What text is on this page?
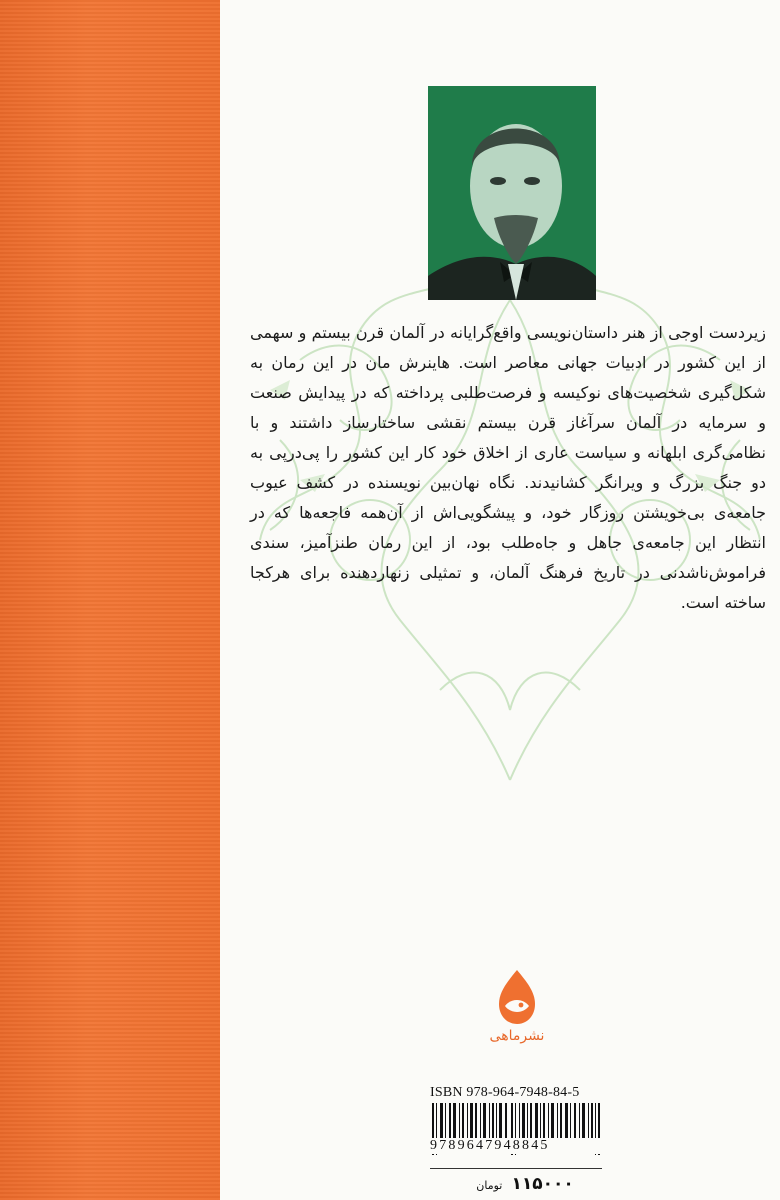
زیردست اوجی از هنر داستان‌نویسی واقع‌گرایانه در آلمان قرن بیستم و سهمی از این کشور در ادبیات جهانی معاصر است. هاینرش مان در این رمان به شکل‌گیری شخصیت‌های نوکیسه و فرصت‌طلبی پرداخته که در پیدایش صنعت و سرمایه در آلمان سرآغاز قرن بیستم نقشی ساختارساز داشتند و با نظامی‌گری ابلهانه و سیاست عاری از اخلاق خود کار این کشور را پی‌درپی به دو جنگ بزرگ و ویرانگر کشانیدند. نگاه نهان‌بین نویسنده در کشف عیوب جامعه‌ی بی‌خویشتن روزگار خود، و پیشگویی‌اش از آن‌همه فاجعه‌ها که در انتظار این جامعه‌ی جاهل و جاه‌طلب بود، از این رمان طنزآمیز، سندی فراموش‌ناشدنی در تاریخ فرهنگ آلمان، و تمثیلی زنهاردهنده برای هرکجا ساخته است.

نشرماهی
ISBN 978-964-7948-84-5
9789647948845
۱۱۵۰۰۰ تومان
